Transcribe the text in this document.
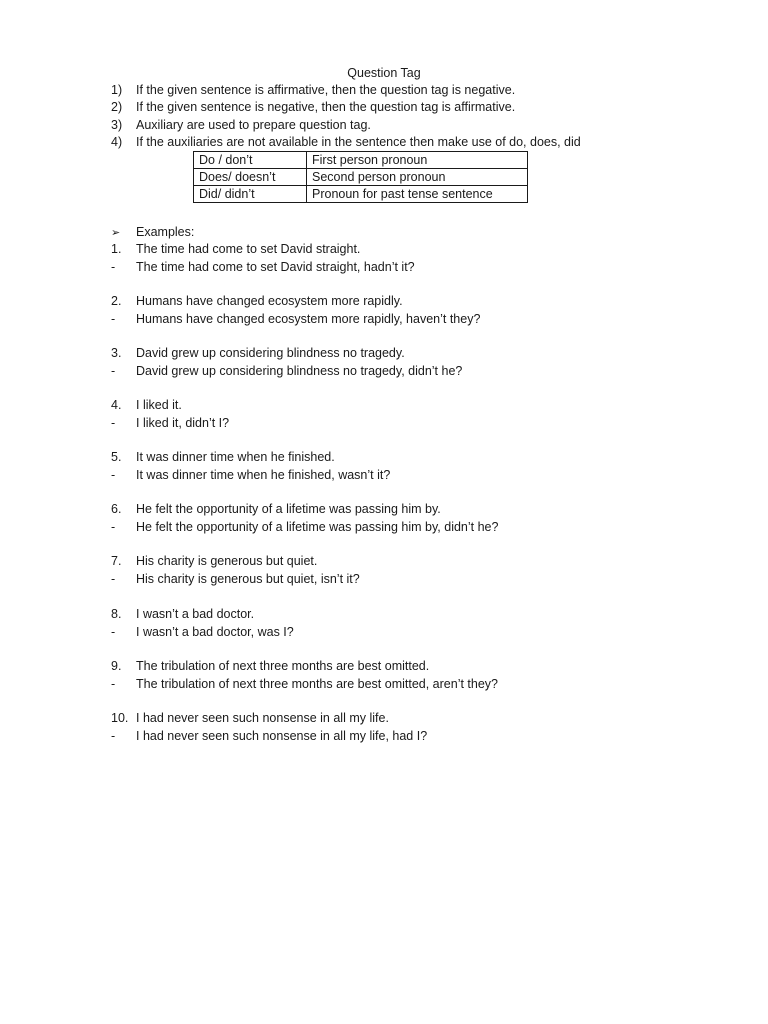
Question Tag
1) If the given sentence is affirmative, then the question tag is negative.
2) If the given sentence is negative, then the question tag is affirmative.
3) Auxiliary are used to prepare question tag.
4) If the auxiliaries are not available in the sentence then make use of do, does, did
Do / don’t	First person pronoun
Does/ doesn’t	Second person pronoun
Did/ didn’t	Pronoun for past tense sentence
➢ Examples:
1. The time had come to set David straight.
- The time had come to set David straight, hadn’t it?
2. Humans have changed ecosystem more rapidly.
- Humans have changed ecosystem more rapidly, haven’t they?
3. David grew up considering blindness no tragedy.
- David grew up considering blindness no tragedy, didn’t he?
4. I liked it.
- I liked it, didn’t I?
5. It was dinner time when he finished.
- It was dinner time when he finished, wasn’t it?
6. He felt the opportunity of a lifetime was passing him by.
- He felt the opportunity of a lifetime was passing him by, didn’t he?
7. His charity is generous but quiet.
- His charity is generous but quiet, isn’t it?
8. I wasn’t a bad doctor.
- I wasn’t a bad doctor, was I?
9. The tribulation of next three months are best omitted.
- The tribulation of next three months are best omitted, aren’t they?
10. I had never seen such nonsense in all my life.
- I had never seen such nonsense in all my life, had I?
